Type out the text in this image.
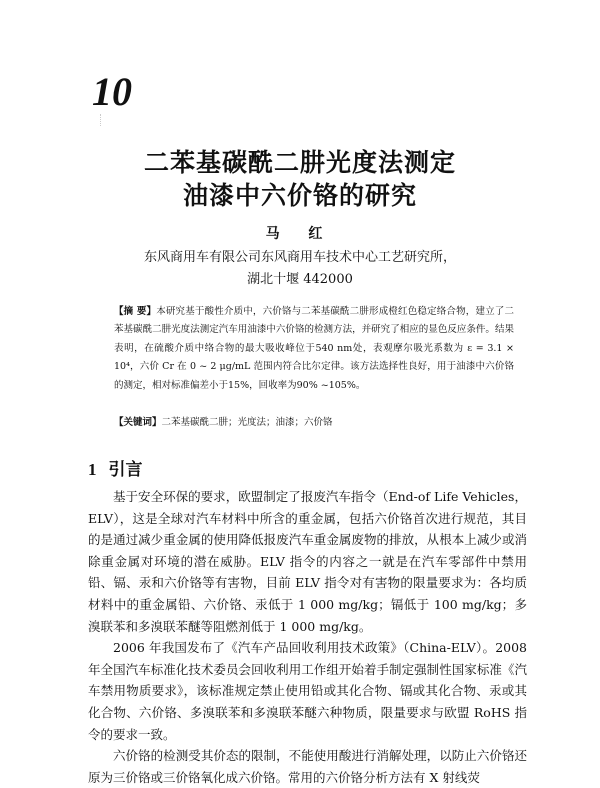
10
二苯基碳酰二肼光度法测定
油漆中六价铬的研究
马 红
东风商用车有限公司东风商用车技术中心工艺研究所，
湖北十堰 442000
【摘 要】本研究基于酸性介质中，六价铬与二苯基碳酰二肼形成橙红色稳定络合物，建立了二苯基碳酰二肼光度法测定汽车用油漆中六价铬的检测方法，并研究了相应的显色反应条件。结果表明，在硫酸介质中络合物的最大吸收峰位于540 nm处，表观摩尔吸光系数为 ε = 3.1 × 10⁴，六价 Cr 在 0 ~ 2 μg/mL 范围内符合比尔定律。该方法选择性良好，用于油漆中六价铬的测定，相对标准偏差小于15%，回收率为90% ~105%。
【关键词】二苯基碳酰二肼；光度法；油漆；六价铬
1 引言

基于安全环保的要求，欧盟制定了报废汽车指令（End-of Life Vehicles，ELV），这是全球对汽车材料中所含的重金属，包括六价铬首次进行规范，其目的是通过减少重金属的使用降低报废汽车重金属废物的排放，从根本上减少或消除重金属对环境的潜在威胁。ELV 指令的内容之一就是在汽车零部件中禁用铅、镉、汞和六价铬等有害物，目前 ELV 指令对有害物的限量要求为：各均质材料中的重金属铅、六价铬、汞低于 1 000 mg/kg；镉低于 100 mg/kg；多溴联苯和多溴联苯醚等阻燃剂低于 1 000 mg/kg。

2006 年我国发布了《汽车产品回收利用技术政策》（China-ELV）。2008年全国汽车标准化技术委员会回收利用工作组开始着手制定强制性国家标准《汽车禁用物质要求》，该标准规定禁止使用铅或其化合物、镉或其化合物、汞或其化合物、六价铬、多溴联苯和多溴联苯醚六种物质，限量要求与欧盟 RoHS 指令的要求一致。

六价铬的检测受其价态的限制，不能使用酸进行消解处理，以防止六价铬还原为三价铬或三价铬氧化成六价铬。常用的六价铬分析方法有 X 射线荧
